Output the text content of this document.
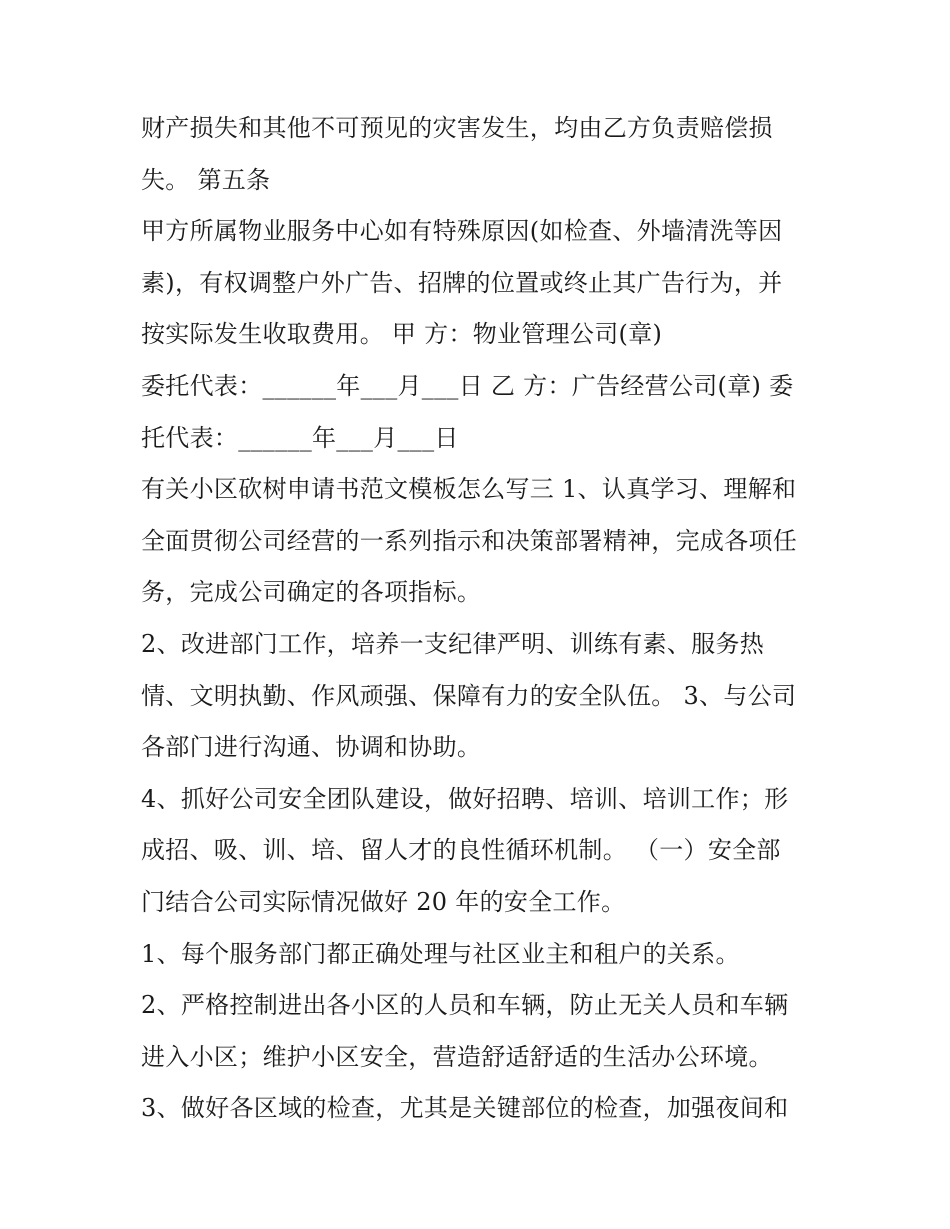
财产损失和其他不可预见的灾害发生，均由乙方负责赔偿损
失。 第五条
甲方所属物业服务中心如有特殊原因(如检查、外墙清洗等因
素)，有权调整户外广告、招牌的位置或终止其广告行为，并
按实际发生收取费用。 甲 方：物业管理公司(章)
委托代表：______年___月___日 乙 方：广告经营公司(章) 委
托代表：______年___月___日
有关小区砍树申请书范文模板怎么写三 1、认真学习、理解和
全面贯彻公司经营的一系列指示和决策部署精神，完成各项任
务，完成公司确定的各项指标。
2、改进部门工作，培养一支纪律严明、训练有素、服务热
情、文明执勤、作风顽强、保障有力的安全队伍。 3、与公司
各部门进行沟通、协调和协助。
4、抓好公司安全团队建设，做好招聘、培训、培训工作；形
成招、吸、训、培、留人才的良性循环机制。 （一）安全部
门结合公司实际情况做好 20 年的安全工作。
1、每个服务部门都正确处理与社区业主和租户的关系。
2、严格控制进出各小区的人员和车辆，防止无关人员和车辆
进入小区；维护小区安全，营造舒适舒适的生活办公环境。
3、做好各区域的检查，尤其是关键部位的检查，加强夜间和
